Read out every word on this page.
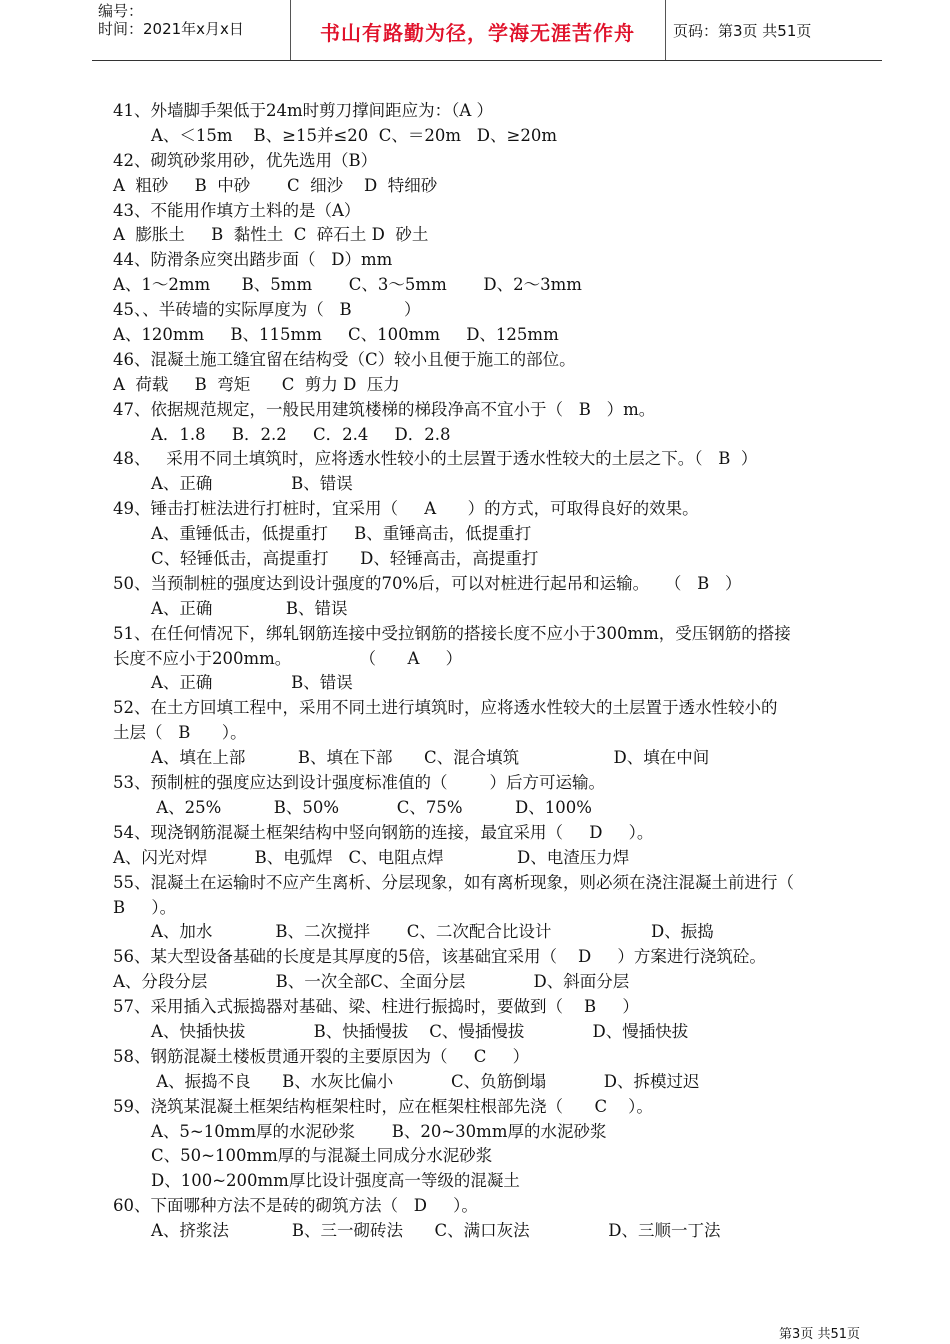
编号：
时间：2021年x月x日	书山有路勤为径，学海无涯苦作舟	页码：第3页 共51页
41、外墙脚手架低于24m时剪刀撑间距应为：（A ）
A、＜15m    B、≥15并≤20  C、＝20m   D、≥20m
42、砌筑砂浆用砂，优先选用（B）
A  粗砂     B  中砂       C  细沙    D  特细砂
43、不能用作填方土料的是（A）
A  膨胀土     B  黏性土  C  碎石土 D  砂土
44、防滑条应突出踏步面（   D）mm
A、1～2mm      B、5mm       C、3～5mm       D、2～3mm
45、、半砖墙的实际厚度为（   B          ）
A、120mm     B、115mm     C、100mm     D、125mm
46、混凝土施工缝宜留在结构受（C）较小且便于施工的部位。
A  荷载     B  弯矩      C  剪力 D  压力
47、依据规范规定，一般民用建筑楼梯的梯段净高不宜小于（   B   ）m。
A．1.8     B．2.2     C．2.4     D．2.8
48、   采用不同土填筑时，应将透水性较小的土层置于透水性较大的土层之下。（   B  ）
A、正确               B、错误
49、锤击打桩法进行打桩时，宜采用（     A      ）的方式，可取得良好的效果。
A、重锤低击，低提重打     B、重锤高击，低提重打
C、轻锤低击，高提重打      D、轻锤高击，高提重打
50、当预制桩的强度达到设计强度的70%后，可以对桩进行起吊和运输。   （   B   ）
A、正确              B、错误
51、在任何情况下，绑轧钢筋连接中受拉钢筋的搭接长度不应小于300mm，受压钢筋的搭接
长度不应小于200mm。             （      A     ）
A、正确               B、错误
52、在土方回填工程中，采用不同土进行填筑时，应将透水性较大的土层置于透水性较小的
土层（   B      ）。
A、填在上部          B、填在下部      C、混合填筑                  D、填在中间
53、预制桩的强度应达到设计强度标准值的（        ）后方可运输。
A、25%          B、50%           C、75%          D、100%
54、现浇钢筋混凝土框架结构中竖向钢筋的连接，最宜采用（     D     ）。
A、闪光对焊         B、电弧焊   C、电阻点焊              D、电渣压力焊
55、混凝土在运输时不应产生离析、分层现象，如有离析现象，则必须在浇注混凝土前进行（
B     ）。
A、加水            B、二次搅拌       C、二次配合比设计                   D、振捣
56、某大型设备基础的长度是其厚度的5倍，该基础宜采用（    D     ）方案进行浇筑砼。
A、分段分层             B、一次全部C、全面分层             D、斜面分层
57、采用插入式振捣器对基础、梁、柱进行振捣时，要做到（    B     ）
A、快插快拔             B、快插慢拔    C、慢插慢拔             D、慢插快拔
58、钢筋混凝土楼板贯通开裂的主要原因为（     C     ）
A、振捣不良      B、水灰比偏小           C、负筋倒塌           D、拆模过迟
59、浇筑某混凝土框架结构框架柱时，应在框架柱根部先浇（      C    ）。
A、5~10mm厚的水泥砂浆       B、20~30mm厚的水泥砂浆
C、50~100mm厚的与混凝土同成分水泥砂浆
D、100~200mm厚比设计强度高一等级的混凝土
60、下面哪种方法不是砖的砌筑方法（   D     ）。
A、挤浆法            B、三一砌砖法      C、满口灰法               D、三顺一丁法
第3页 共51页
